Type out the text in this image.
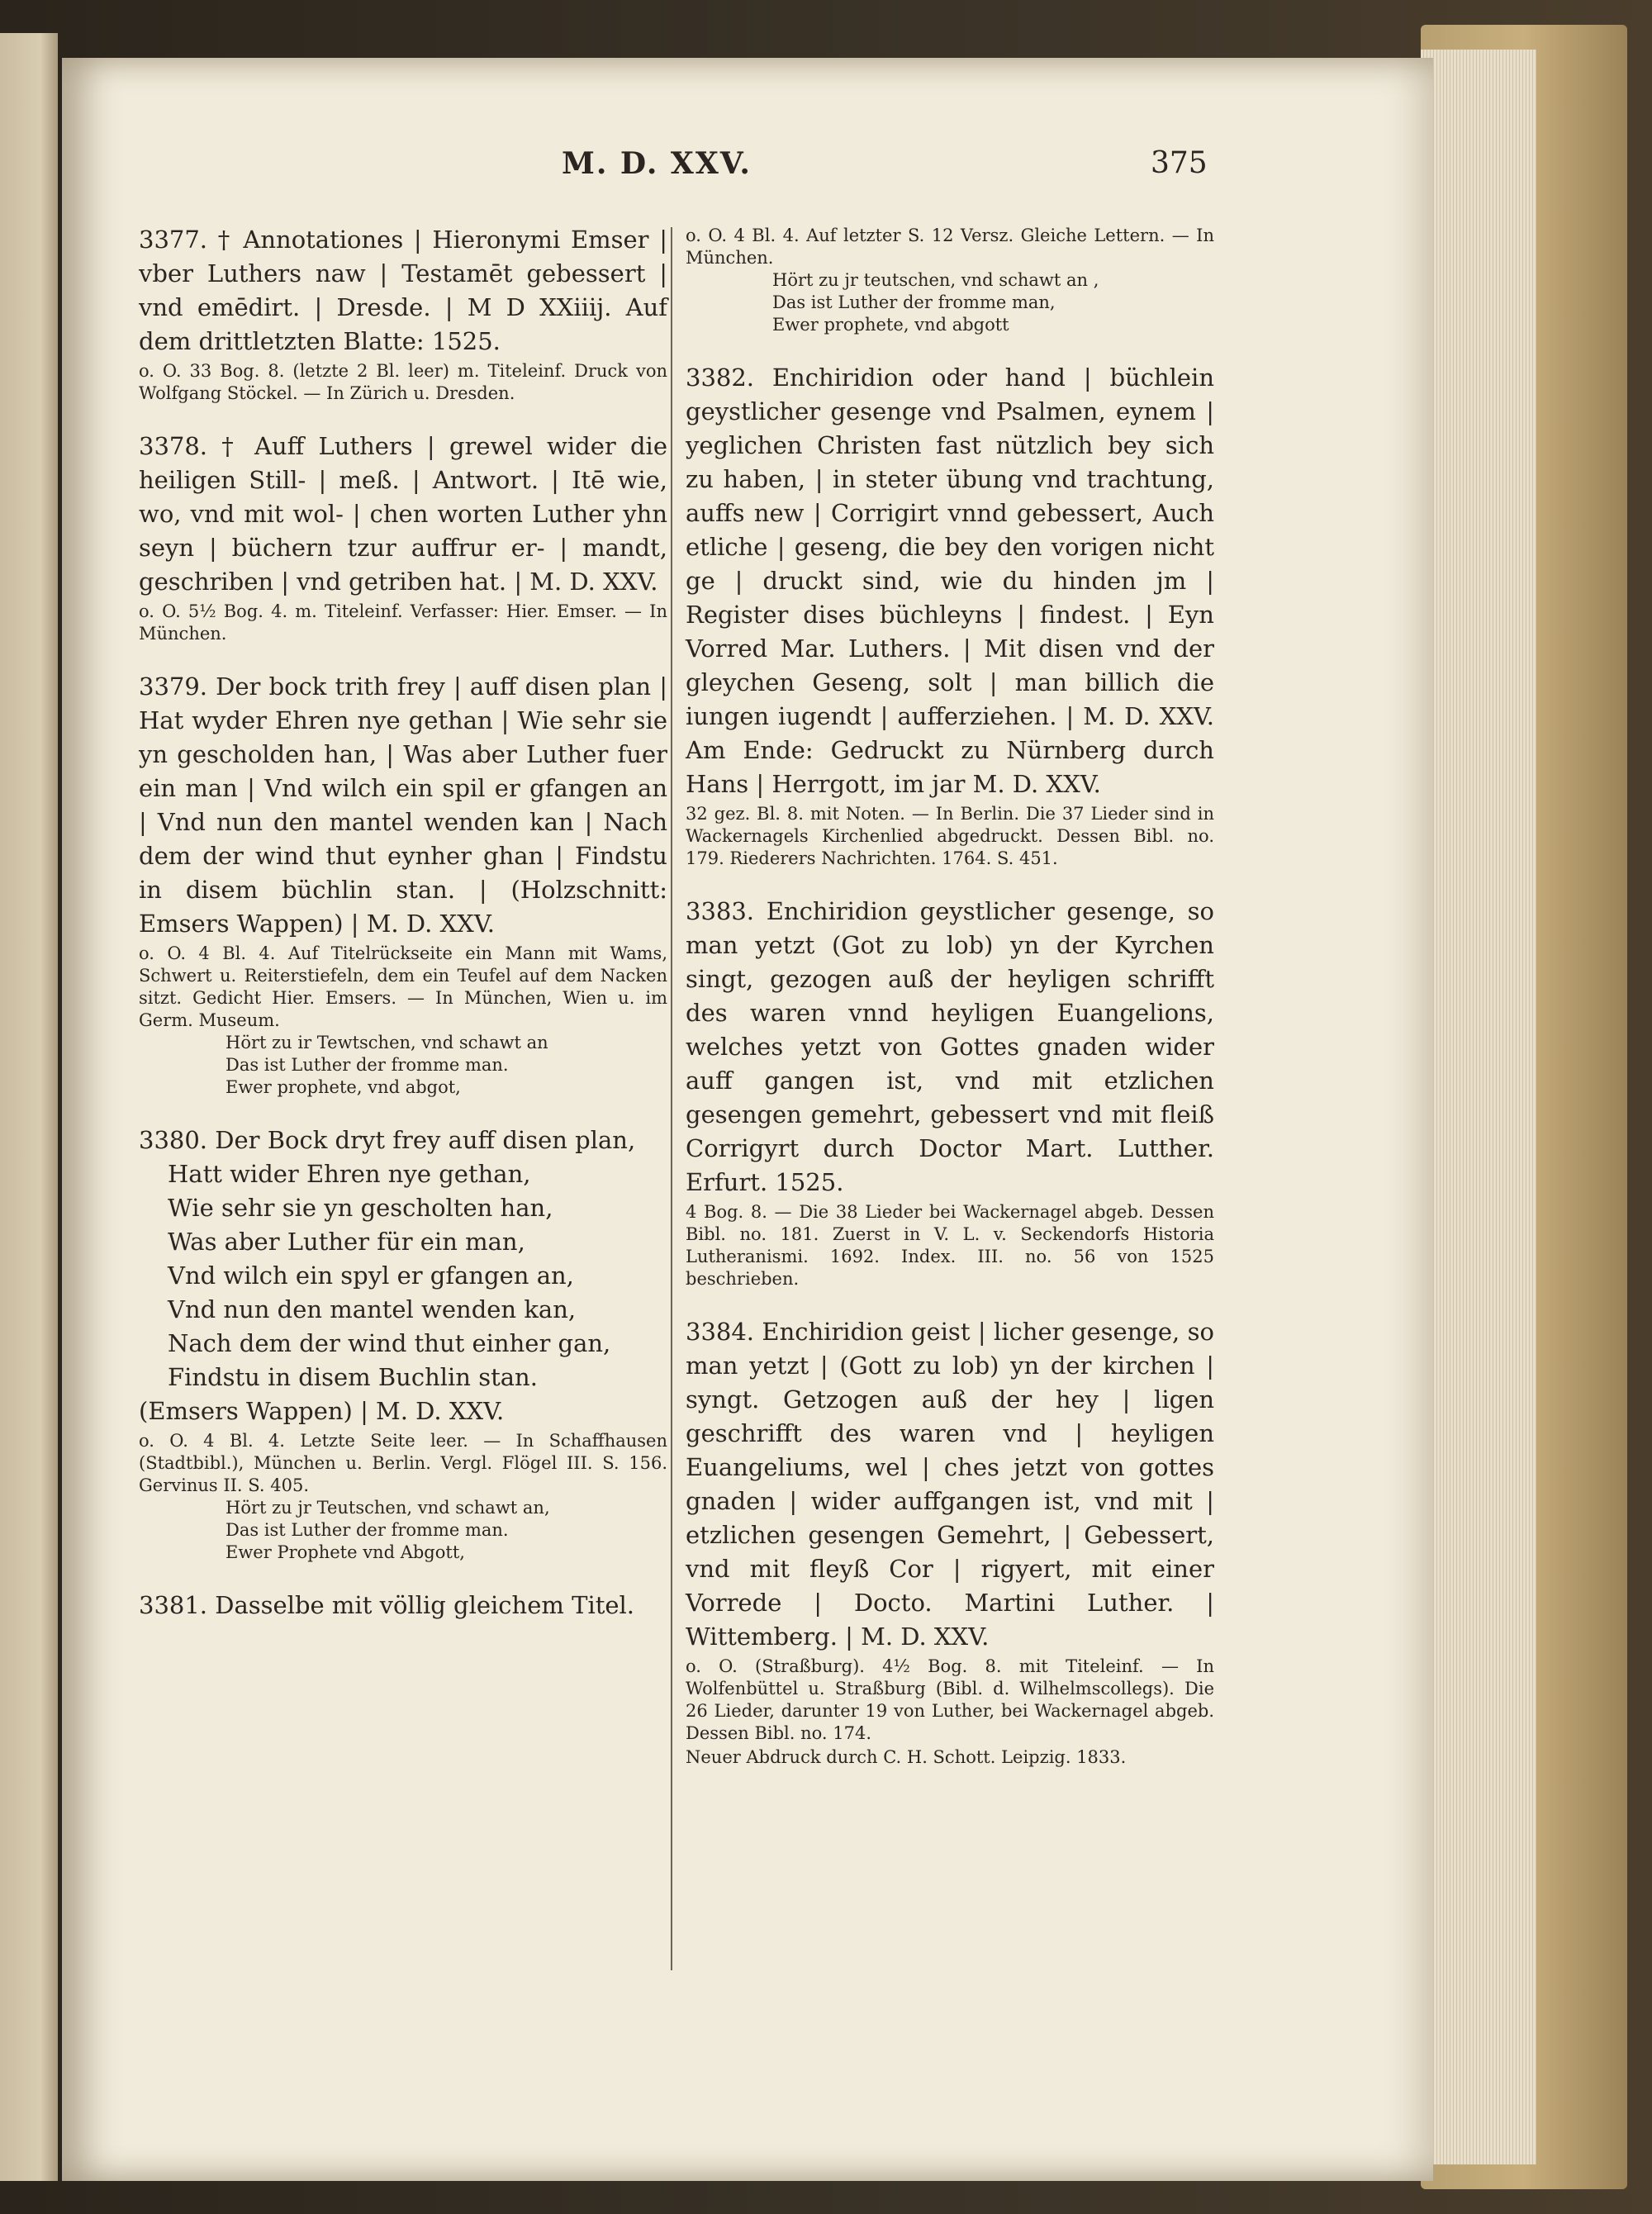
M. D. XXV.	375

3377. † Annotationes | Hieronymi Emser | vber Luthers naw | Testamēt gebessert | vnd emēdirt. | Dresde. | M D XXiiij. Auf dem drittletzten Blatte: 1525.

o. O. 33 Bog. 8. (letzte 2 Bl. leer) m. Titeleinf. Druck von Wolfgang Stöckel. — In Zürich u. Dresden.

3378. † Auff Luthers | grewel wider die heiligen Still- | meß. | Antwort. | Itē wie, wo, vnd mit wol- | chen worten Luther yhn seyn | büchern tzur auffrur er- | mandt, geschriben | vnd getriben hat. | M. D. XXV.

o. O. 5½ Bog. 4. m. Titeleinf. Verfasser: Hier. Emser. — In München.

3379. Der bock trith frey | auff disen plan | Hat wyder Ehren nye gethan | Wie sehr sie yn gescholden han, | Was aber Luther fuer ein man | Vnd wilch ein spil er gfangen an | Vnd nun den mantel wenden kan | Nach dem der wind thut eynher ghan | Findstu in disem büchlin stan. | (Holzschnitt: Emsers Wappen) | M. D. XXV.

o. O. 4 Bl. 4. Auf Titelrückseite ein Mann mit Wams, Schwert u. Reiterstiefeln, dem ein Teufel auf dem Nacken sitzt. Gedicht Hier. Emsers. — In München, Wien u. im Germ. Museum.

Hört zu ir Tewtschen, vnd schawt an
Das ist Luther der fromme man.
Ewer prophete, vnd abgot,

3380. Der Bock dryt frey auff disen plan,

Hatt wider Ehren nye gethan,
Wie sehr sie yn gescholten han,
Was aber Luther für ein man,
Vnd wilch ein spyl er gfangen an,
Vnd nun den mantel wenden kan,
Nach dem der wind thut einher gan,
Findstu in disem Buchlin stan.

(Emsers Wappen) | M. D. XXV.

o. O. 4 Bl. 4. Letzte Seite leer. — In Schaffhausen (Stadtbibl.), München u. Berlin. Vergl. Flögel III. S. 156. Gervinus II. S. 405.

Hört zu jr Teutschen, vnd schawt an,
Das ist Luther der fromme man.
Ewer Prophete vnd Abgott,

3381. Dasselbe mit völlig gleichem Titel.

o. O. 4 Bl. 4. Auf letzter S. 12 Versz. Gleiche Lettern. — In München.

Hört zu jr teutschen, vnd schawt an ,
Das ist Luther der fromme man,
Ewer prophete, vnd abgott

3382. Enchiridion oder hand | büchlein geystlicher gesenge vnd Psalmen, eynem | yeglichen Christen fast nützlich bey sich zu haben, | in steter übung vnd trachtung, auffs new | Corrigirt vnnd gebessert, Auch etliche | geseng, die bey den vorigen nicht ge | druckt sind, wie du hinden jm | Register dises büchleyns | findest. | Eyn Vorred Mar. Luthers. | Mit disen vnd der gleychen Geseng, solt | man billich die iungen iugendt | aufferziehen. | M. D. XXV. Am Ende: Gedruckt zu Nürnberg durch Hans | Herrgott, im jar M. D. XXV.

32 gez. Bl. 8. mit Noten. — In Berlin. Die 37 Lieder sind in Wackernagels Kirchenlied abgedruckt. Dessen Bibl. no. 179. Riederers Nachrichten. 1764. S. 451.

3383. Enchiridion geystlicher gesenge, so man yetzt (Got zu lob) yn der Kyrchen singt, gezogen auß der heyligen schrifft des waren vnnd heyligen Euangelions, welches yetzt von Gottes gnaden wider auff gangen ist, vnd mit etzlichen gesengen gemehrt, gebessert vnd mit fleiß Corrigyrt durch Doctor Mart. Lutther. Erfurt. 1525.

4 Bog. 8. — Die 38 Lieder bei Wackernagel abgeb. Dessen Bibl. no. 181. Zuerst in V. L. v. Seckendorfs Historia Lutheranismi. 1692. Index. III. no. 56 von 1525 beschrieben.

3384. Enchiridion geist | licher gesenge, so man yetzt | (Gott zu lob) yn der kirchen | syngt. Getzogen auß der hey | ligen geschrifft des waren vnd | heyligen Euangeliums, wel | ches jetzt von gottes gnaden | wider auffgangen ist, vnd mit | etzlichen gesengen Gemehrt, | Gebessert, vnd mit fleyß Cor | rigyert, mit einer Vorrede | Docto. Martini Luther. | Wittemberg. | M. D. XXV.

o. O. (Straßburg). 4½ Bog. 8. mit Titeleinf. — In Wolfenbüttel u. Straßburg (Bibl. d. Wilhelmscollegs). Die 26 Lieder, darunter 19 von Luther, bei Wackernagel abgeb. Dessen Bibl. no. 174.

Neuer Abdruck durch C. H. Schott. Leipzig. 1833.
